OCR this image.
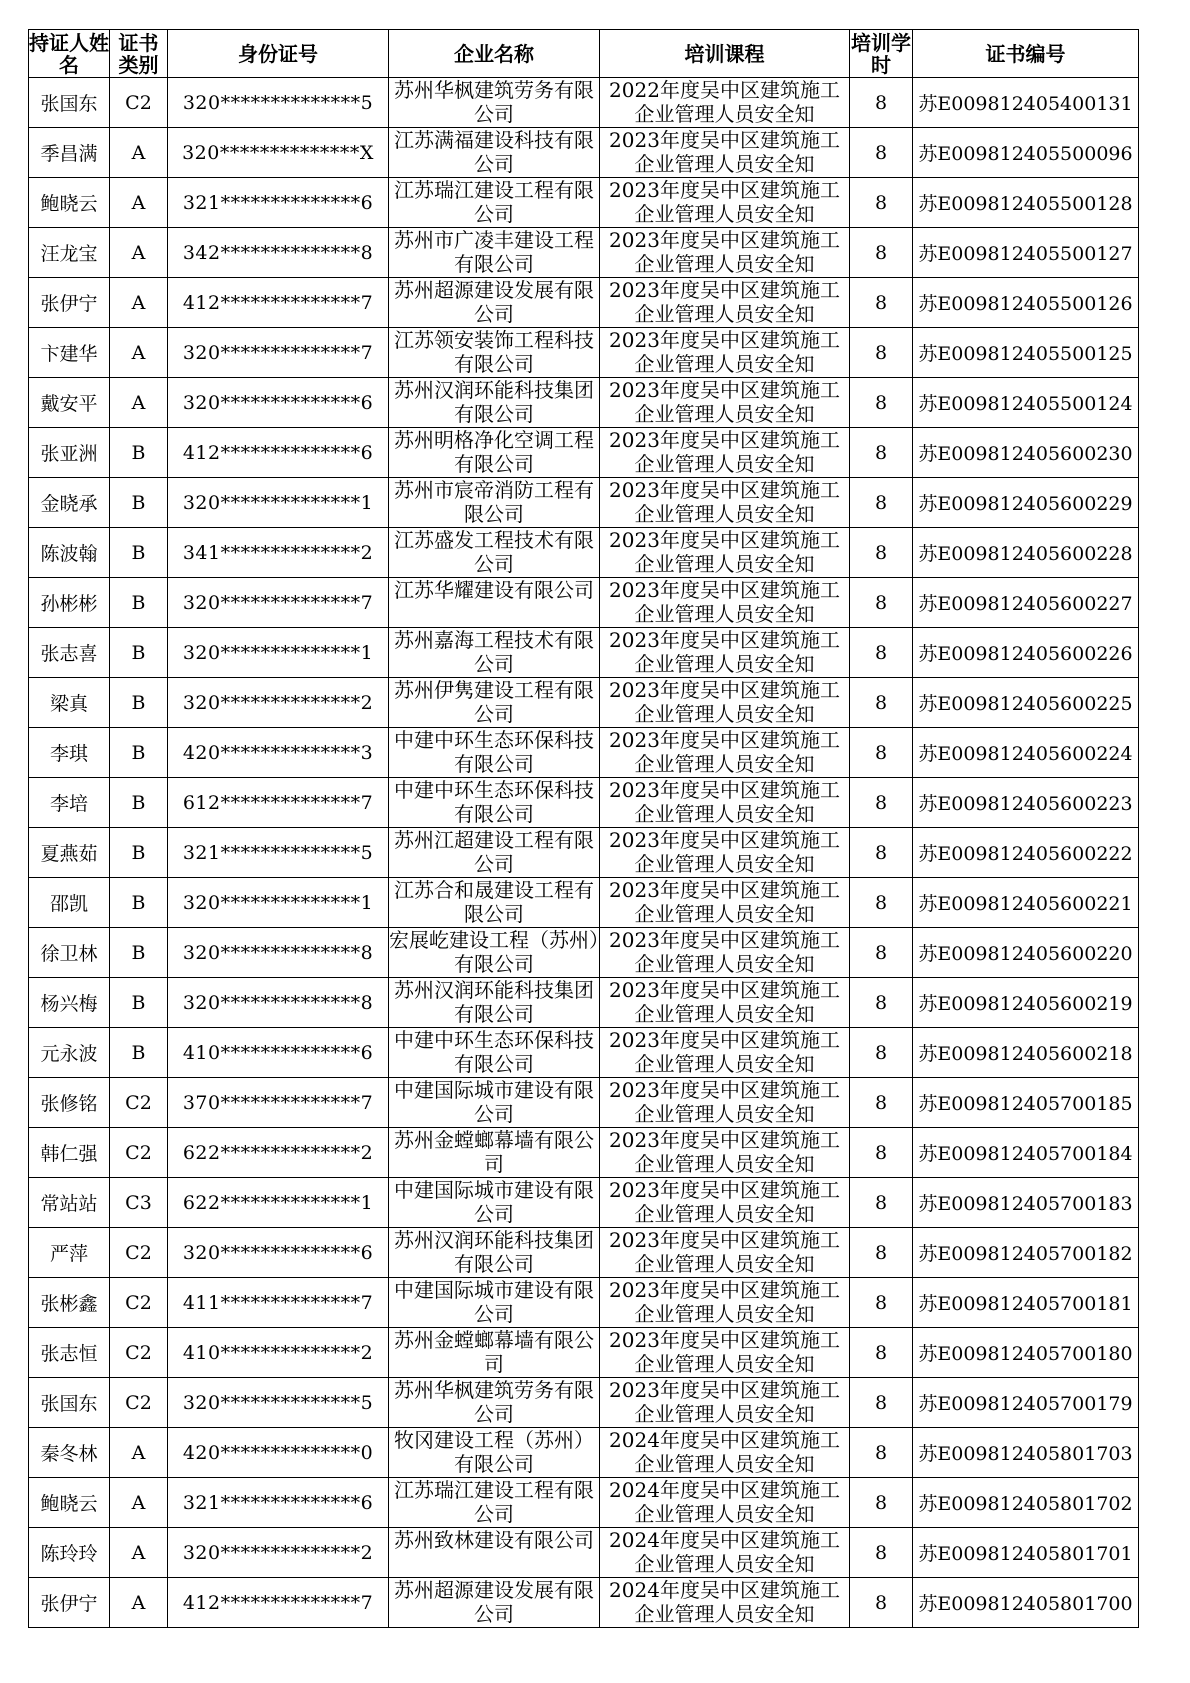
持证人姓名	证书类别	身份证号	企业名称	培训课程	培训学时	证书编号
张国东	C2	320**************5	苏州华枫建筑劳务有限公司	2022年度吴中区建筑施工企业管理人员安全知	8	苏E009812405400131
季昌满	A	320**************X	江苏满福建设科技有限公司	2023年度吴中区建筑施工企业管理人员安全知	8	苏E009812405500096
鲍晓云	A	321**************6	江苏瑞江建设工程有限公司	2023年度吴中区建筑施工企业管理人员安全知	8	苏E009812405500128
汪龙宝	A	342**************8	苏州市广凌丰建设工程有限公司	2023年度吴中区建筑施工企业管理人员安全知	8	苏E009812405500127
张伊宁	A	412**************7	苏州超源建设发展有限公司	2023年度吴中区建筑施工企业管理人员安全知	8	苏E009812405500126
卞建华	A	320**************7	江苏领安装饰工程科技有限公司	2023年度吴中区建筑施工企业管理人员安全知	8	苏E009812405500125
戴安平	A	320**************6	苏州汉润环能科技集团有限公司	2023年度吴中区建筑施工企业管理人员安全知	8	苏E009812405500124
张亚洲	B	412**************6	苏州明格净化空调工程有限公司	2023年度吴中区建筑施工企业管理人员安全知	8	苏E009812405600230
金晓承	B	320**************1	苏州市宸帝消防工程有限公司	2023年度吴中区建筑施工企业管理人员安全知	8	苏E009812405600229
陈波翰	B	341**************2	江苏盛发工程技术有限公司	2023年度吴中区建筑施工企业管理人员安全知	8	苏E009812405600228
孙彬彬	B	320**************7	江苏华耀建设有限公司	2023年度吴中区建筑施工企业管理人员安全知	8	苏E009812405600227
张志喜	B	320**************1	苏州嘉海工程技术有限公司	2023年度吴中区建筑施工企业管理人员安全知	8	苏E009812405600226
梁真	B	320**************2	苏州伊隽建设工程有限公司	2023年度吴中区建筑施工企业管理人员安全知	8	苏E009812405600225
李琪	B	420**************3	中建中环生态环保科技有限公司	2023年度吴中区建筑施工企业管理人员安全知	8	苏E009812405600224
李培	B	612**************7	中建中环生态环保科技有限公司	2023年度吴中区建筑施工企业管理人员安全知	8	苏E009812405600223
夏燕茹	B	321**************5	苏州江超建设工程有限公司	2023年度吴中区建筑施工企业管理人员安全知	8	苏E009812405600222
邵凯	B	320**************1	江苏合和晟建设工程有限公司	2023年度吴中区建筑施工企业管理人员安全知	8	苏E009812405600221
徐卫林	B	320**************8	宏展屹建设工程（苏州）有限公司	2023年度吴中区建筑施工企业管理人员安全知	8	苏E009812405600220
杨兴梅	B	320**************8	苏州汉润环能科技集团有限公司	2023年度吴中区建筑施工企业管理人员安全知	8	苏E009812405600219
元永波	B	410**************6	中建中环生态环保科技有限公司	2023年度吴中区建筑施工企业管理人员安全知	8	苏E009812405600218
张修铭	C2	370**************7	中建国际城市建设有限公司	2023年度吴中区建筑施工企业管理人员安全知	8	苏E009812405700185
韩仁强	C2	622**************2	苏州金螳螂幕墙有限公司	2023年度吴中区建筑施工企业管理人员安全知	8	苏E009812405700184
常站站	C3	622**************1	中建国际城市建设有限公司	2023年度吴中区建筑施工企业管理人员安全知	8	苏E009812405700183
严萍	C2	320**************6	苏州汉润环能科技集团有限公司	2023年度吴中区建筑施工企业管理人员安全知	8	苏E009812405700182
张彬鑫	C2	411**************7	中建国际城市建设有限公司	2023年度吴中区建筑施工企业管理人员安全知	8	苏E009812405700181
张志恒	C2	410**************2	苏州金螳螂幕墙有限公司	2023年度吴中区建筑施工企业管理人员安全知	8	苏E009812405700180
张国东	C2	320**************5	苏州华枫建筑劳务有限公司	2023年度吴中区建筑施工企业管理人员安全知	8	苏E009812405700179
秦冬林	A	420**************0	牧冈建设工程（苏州）有限公司	2024年度吴中区建筑施工企业管理人员安全知	8	苏E009812405801703
鲍晓云	A	321**************6	江苏瑞江建设工程有限公司	2024年度吴中区建筑施工企业管理人员安全知	8	苏E009812405801702
陈玲玲	A	320**************2	苏州致林建设有限公司	2024年度吴中区建筑施工企业管理人员安全知	8	苏E009812405801701
张伊宁	A	412**************7	苏州超源建设发展有限公司	2024年度吴中区建筑施工企业管理人员安全知	8	苏E009812405801700
